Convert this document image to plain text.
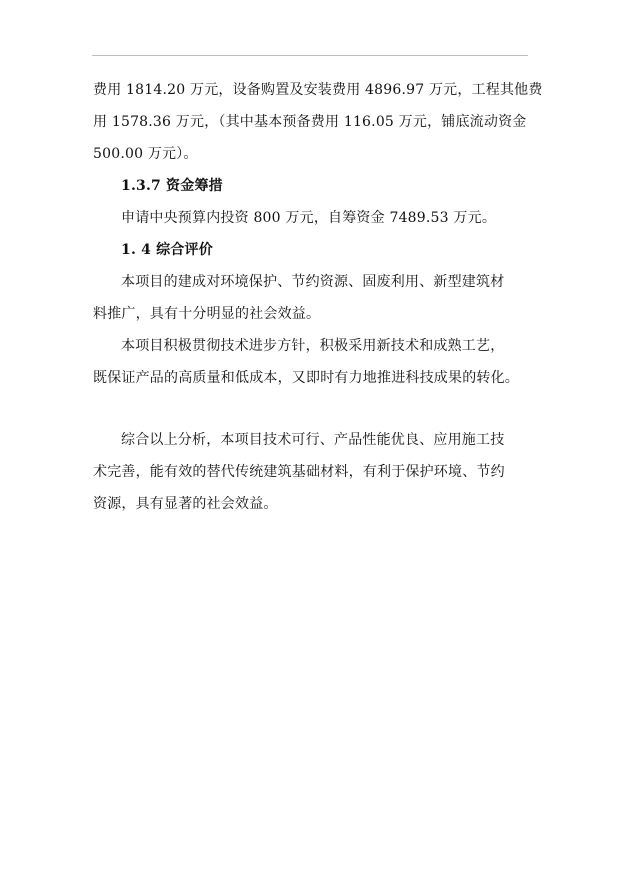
费用 1814.20 万元，设备购置及安装费用 4896.97 万元，工程其他费
用 1578.36 万元，（其中基本预备费用 116.05 万元，铺底流动资金
500.00 万元）。
1.3.7 资金筹措
申请中央预算内投资 800 万元，自筹资金 7489.53 万元。
1. 4 综合评价
本项目的建成对环境保护、节约资源、固废利用、新型建筑材
料推广，具有十分明显的社会效益。
本项目积极贯彻技术进步方针，积极采用新技术和成熟工艺，
既保证产品的高质量和低成本，又即时有力地推进科技成果的转化。
综合以上分析，本项目技术可行、产品性能优良、应用施工技
术完善，能有效的替代传统建筑基础材料，有利于保护环境、节约
资源，具有显著的社会效益。
